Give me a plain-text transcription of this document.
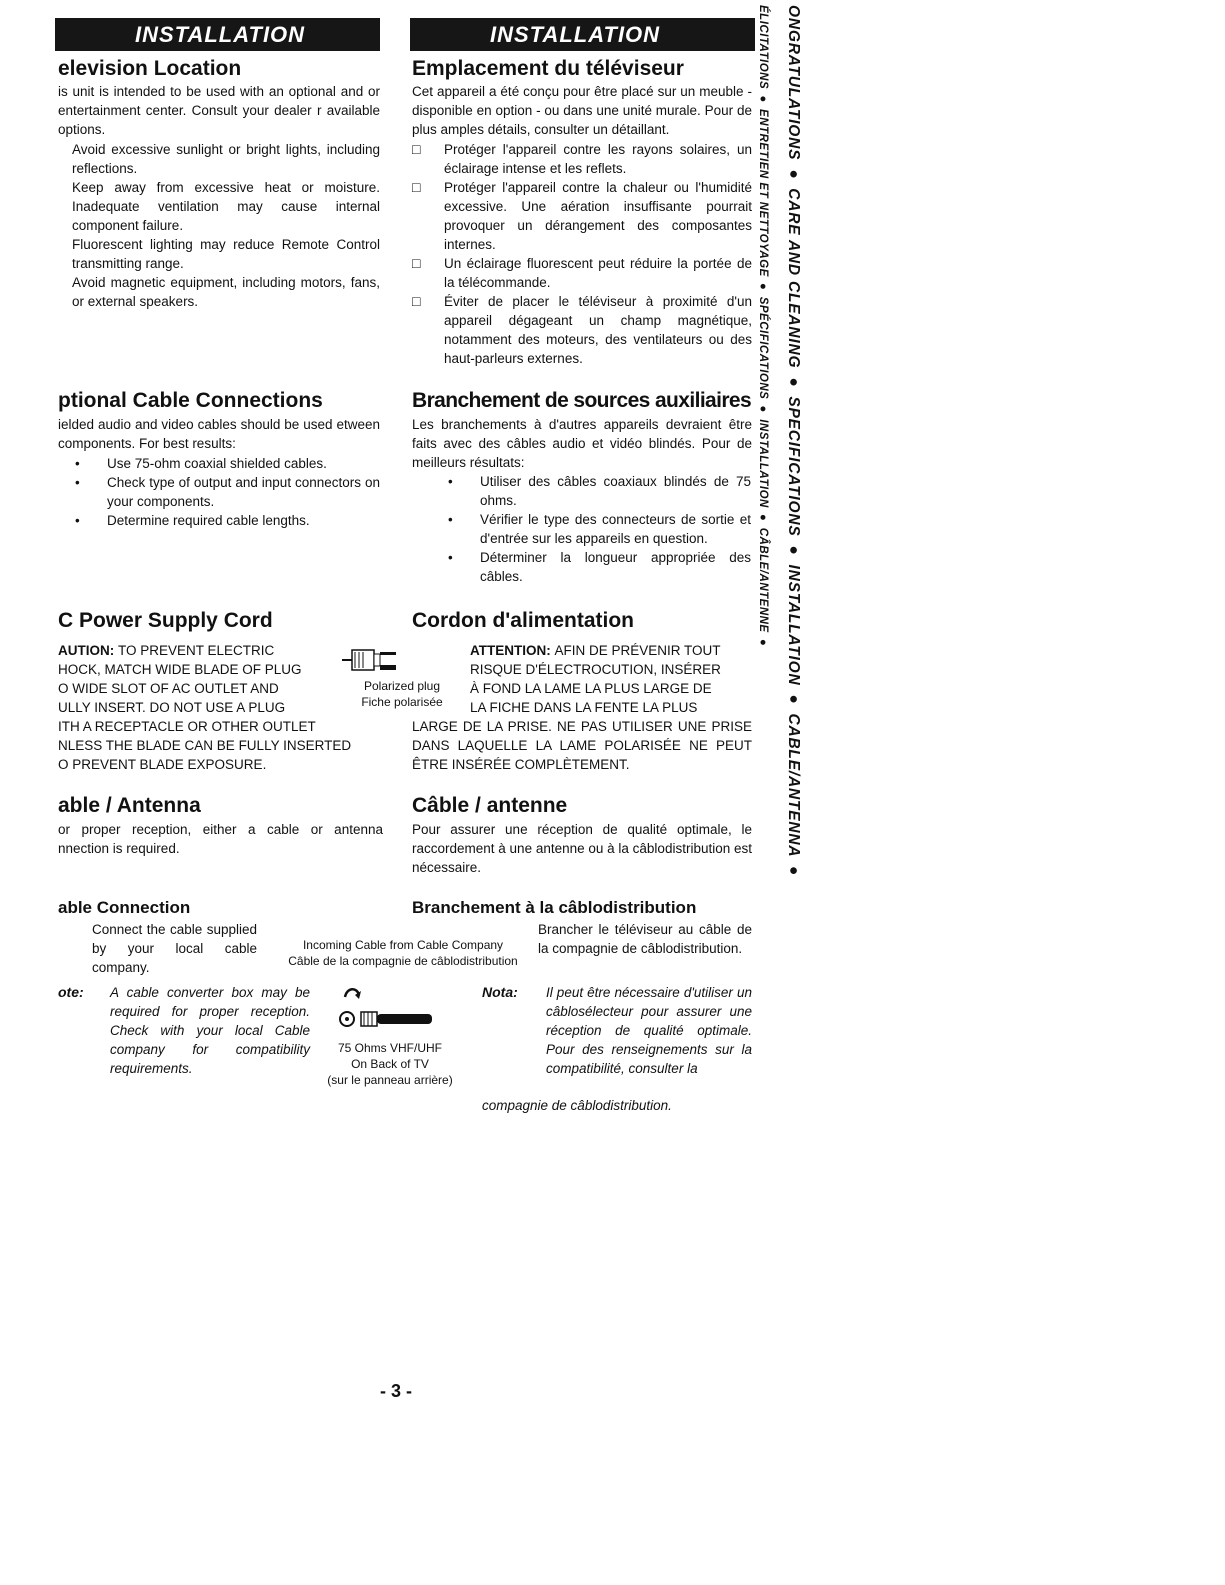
INSTALLATION
elevision Location
is unit is intended to be used with an optional and or entertainment center. Consult your dealer r available options.
Avoid excessive sunlight or bright lights, including reflections.
Keep away from excessive heat or moisture. Inadequate ventilation may cause internal component failure.
Fluorescent lighting may reduce Remote Control transmitting range.
Avoid magnetic equipment, including motors, fans, or external speakers.
ptional Cable Connections
ielded audio and video cables should be used etween components. For best results:
• Use 75-ohm coaxial shielded cables.
• Check type of output and input connectors on your components.
• Determine required cable lengths.
C Power Supply Cord
AUTION: TO PREVENT ELECTRIC
HOCK, MATCH WIDE BLADE OF PLUG
O WIDE SLOT OF AC OUTLET AND
ULLY INSERT. DO NOT USE A PLUG
ITH A RECEPTACLE OR OTHER OUTLET
NLESS THE BLADE CAN BE FULLY INSERTED
O PREVENT BLADE EXPOSURE.
able / Antenna
or proper reception, either a cable or antenna nnection is required.
able Connection
Connect the cable supplied by your local cable company.
ote: A cable converter box may be required for proper reception. Check with your local Cable company for compatibility requirements.
Polarized plug
Fiche polarisée
Incoming Cable from Cable Company
Câble de la compagnie de câblodistribution
75 Ohms VHF/UHF
On Back of TV
(sur le panneau arrière)
INSTALLATION
Emplacement du téléviseur
Cet appareil a été conçu pour être placé sur un meuble - disponible en option - ou dans une unité murale. Pour de plus amples détails, consulter un détaillant.
□ Protéger l'appareil contre les rayons solaires, un éclairage intense et les reflets.
□ Protéger l'appareil contre la chaleur ou l'humidité excessive. Une aération insuffisante pourrait provoquer un dérangement des composantes internes.
□ Un éclairage fluorescent peut réduire la portée de la télécommande.
□ Éviter de placer le téléviseur à proximité d'un appareil dégageant un champ magnétique, notamment des moteurs, des ventilateurs ou des haut-parleurs externes.
Branchement de sources auxiliaires
Les branchements à d'autres appareils devraient être faits avec des câbles audio et vidéo blindés. Pour de meilleurs résultats:
• Utiliser des câbles coaxiaux blindés de 75 ohms.
• Vérifier le type des connecteurs de sortie et d'entrée sur les appareils en question.
• Déterminer la longueur appropriée des câbles.
Cordon d'alimentation
ATTENTION: AFIN DE PRÉVENIR TOUT
RISQUE D'ÉLECTROCUTION, INSÉRER
À FOND LA LAME LA PLUS LARGE DE
LA FICHE DANS LA FENTE LA PLUS
LARGE DE LA PRISE. NE PAS UTILISER UNE PRISE DANS LAQUELLE LA LAME POLARISÉE NE PEUT ÊTRE INSÉRÉE COMPLÈTEMENT.
Câble / antenne
Pour assurer une réception de qualité optimale, le raccordement à une antenne ou à la câblodistribution est nécessaire.
Branchement à la câblodistribution
Brancher le téléviseur au câble de la compagnie de câblodistribution.
Nota: Il peut être nécessaire d'utiliser un câblosélecteur pour assurer une réception de qualité optimale. Pour des renseignements sur la compatibilité, consulter la
compagnie de câblodistribution.
ÉLICITATIONS ● ENTRETIEN ET NETTOYAGE ● SPÉCIFICATIONS ● INSTALLATION ● CÂBLE/ANTENNE ● ONGRATULATIONS ● CARE AND CLEANING ● SPECIFICATIONS ● INSTALLATION ● CABLE/ANTENNA ●
- 3 -
